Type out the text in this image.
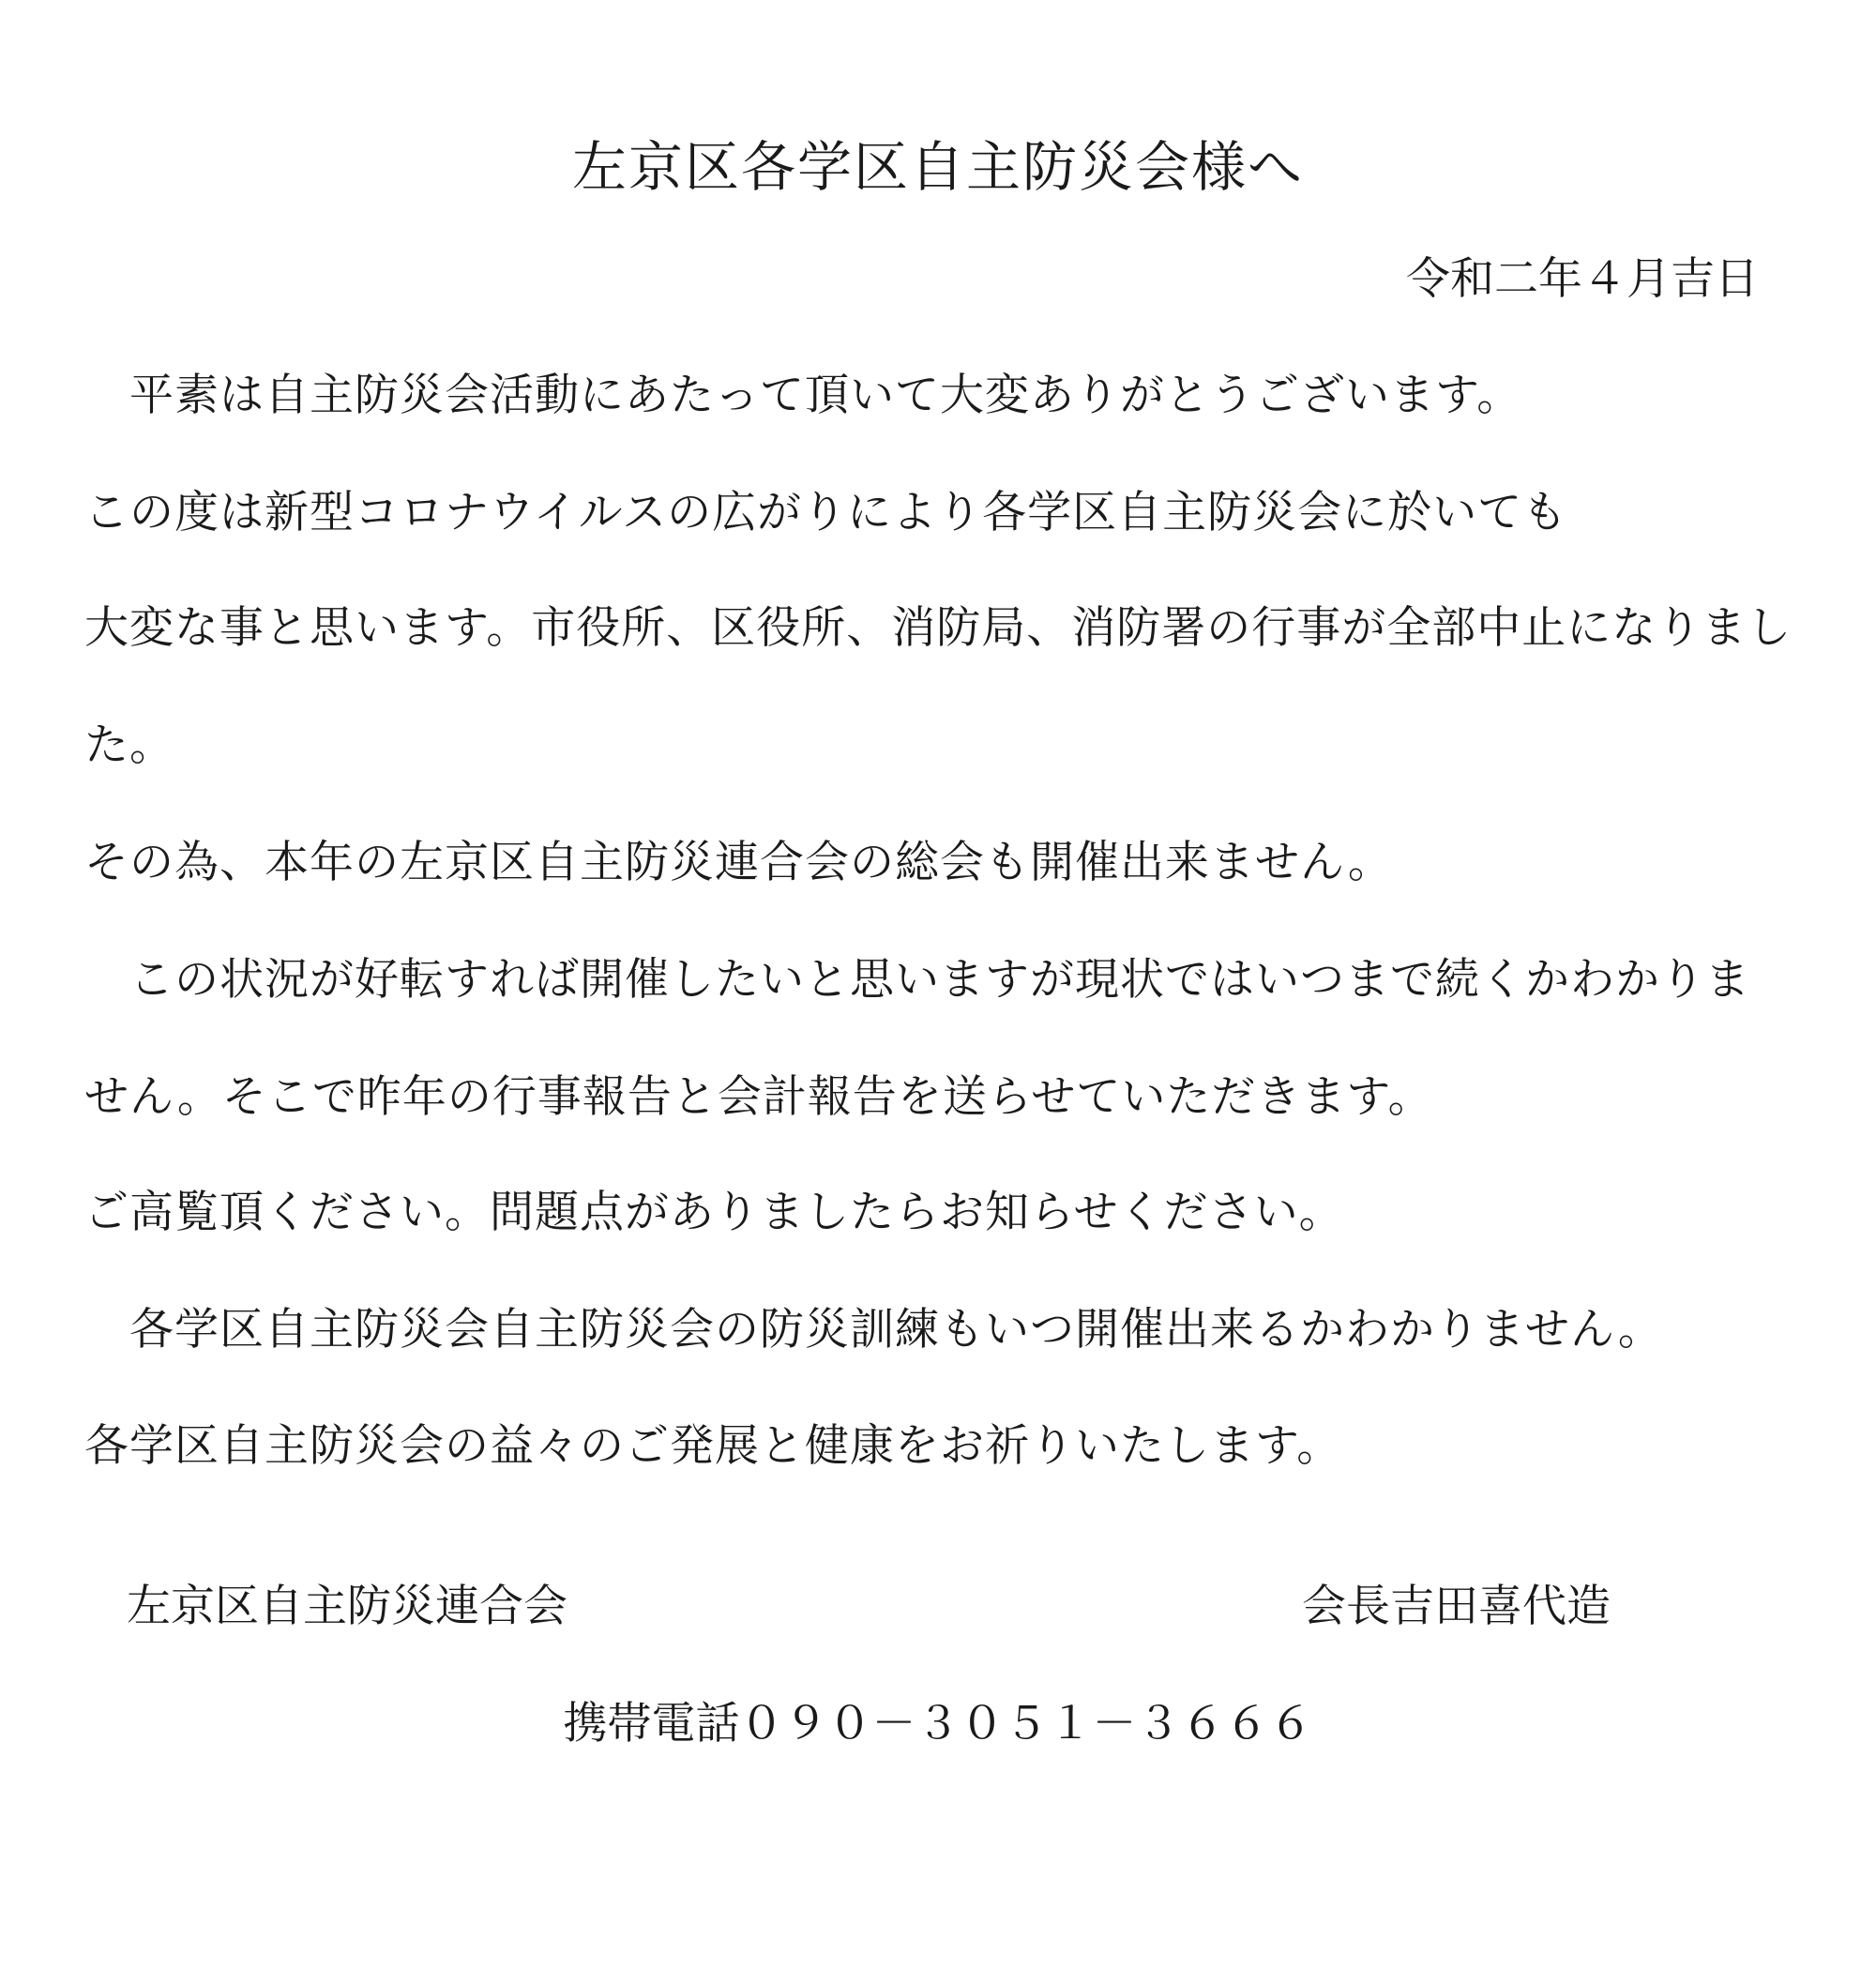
左京区各学区自主防災会様へ
令和二年４月吉日
　平素は自主防災会活動にあたって頂いて大変ありがとうございます。
この度は新型コロナウイルスの広がりにより各学区自主防災会に於いても
大変な事と思います。市役所、区役所、消防局、消防署の行事が全部中止になりまし
た。
その為、本年の左京区自主防災連合会の総会も開催出来ません。
　この状況が好転すれば開催したいと思いますが現状ではいつまで続くかわかりま
せん。そこで昨年の行事報告と会計報告を送らせていただきます。
ご高覧頂ください。問題点がありましたらお知らせください。
　各学区自主防災会自主防災会の防災訓練もいつ開催出来るかわかりません。
各学区自主防災会の益々のご発展と健康をお祈りいたします。
左京区自主防災連合会	会長吉田喜代造
携帯電話０９０－３０５１－３６６６
